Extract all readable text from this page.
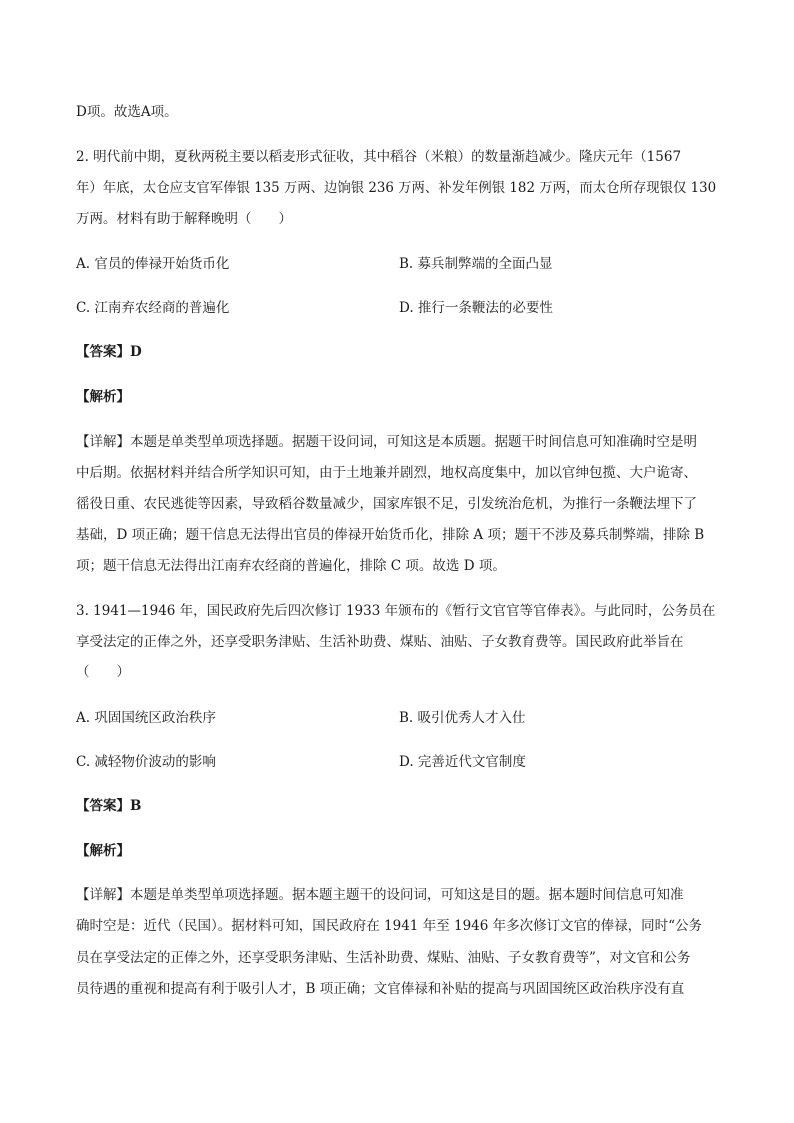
D项。故选A项。
2. 明代前中期，夏秋两税主要以稻麦形式征收，其中稻谷（米粮）的数量渐趋减少。隆庆元年（1567
年）年底，太仓应支官军俸银 135 万两、边饷银 236 万两、补发年例银 182 万两，而太仓所存现银仅 130
万两。材料有助于解释晚明（　　）
A. 官员的俸禄开始货币化	B. 募兵制弊端的全面凸显
C. 江南弃农经商的普遍化	D. 推行一条鞭法的必要性
【答案】D
【解析】
【详解】本题是单类型单项选择题。据题干设问词，可知这是本质题。据题干时间信息可知准确时空是明
中后期。依据材料并结合所学知识可知，由于土地兼并剧烈，地权高度集中，加以官绅包揽、大户诡寄、
徭役日重、农民逃徙等因素，导致稻谷数量减少，国家库银不足，引发统治危机，为推行一条鞭法埋下了
基础，D 项正确；题干信息无法得出官员的俸禄开始货币化，排除 A 项；题干不涉及募兵制弊端，排除 B
项；题干信息无法得出江南弃农经商的普遍化，排除 C 项。故选 D 项。
3. 1941—1946 年，国民政府先后四次修订 1933 年颁布的《暂行文官官等官俸表》。与此同时，公务员在
享受法定的正俸之外，还享受职务津贴、生活补助费、煤贴、油贴、子女教育费等。国民政府此举旨在
（　　）
A. 巩固国统区政治秩序	B. 吸引优秀人才入仕
C. 减轻物价波动的影响	D. 完善近代文官制度
【答案】B
【解析】
【详解】本题是单类型单项选择题。据本题主题干的设问词，可知这是目的题。据本题时间信息可知准
确时空是：近代（民国）。据材料可知，国民政府在 1941 年至 1946 年多次修订文官的俸禄，同时“公务
员在享受法定的正俸之外，还享受职务津贴、生活补助费、煤贴、油贴、子女教育费等”，对文官和公务
员待遇的重视和提高有利于吸引人才，B 项正确；文官俸禄和补贴的提高与巩固国统区政治秩序没有直
